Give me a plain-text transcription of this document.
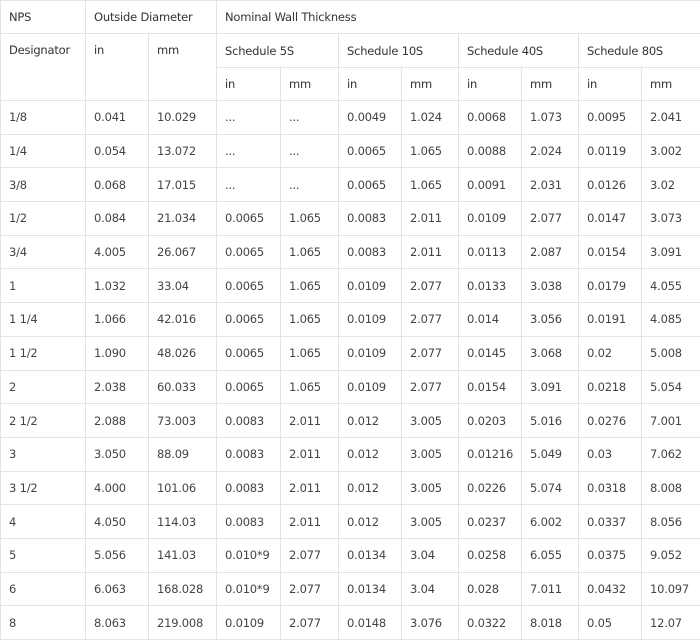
NPS	Outside Diameter		Nominal Wall Thickness							
Designator	in	mm	Schedule 5S		Schedule 10S		Schedule 40S		Schedule 80S	
			in	mm	in	mm	in	mm	in	mm
1/8	0.041	10.029	...	...	0.0049	1.024	0.0068	1.073	0.0095	2.041
1/4	0.054	13.072	...	...	0.0065	1.065	0.0088	2.024	0.0119	3.002
3/8	0.068	17.015	...	...	0.0065	1.065	0.0091	2.031	0.0126	3.02
1/2	0.084	21.034	0.0065	1.065	0.0083	2.011	0.0109	2.077	0.0147	3.073
3/4	4.005	26.067	0.0065	1.065	0.0083	2.011	0.0113	2.087	0.0154	3.091
1	1.032	33.04	0.0065	1.065	0.0109	2.077	0.0133	3.038	0.0179	4.055
1 1/4	1.066	42.016	0.0065	1.065	0.0109	2.077	0.014	3.056	0.0191	4.085
1 1/2	1.090	48.026	0.0065	1.065	0.0109	2.077	0.0145	3.068	0.02	5.008
2	2.038	60.033	0.0065	1.065	0.0109	2.077	0.0154	3.091	0.0218	5.054
2 1/2	2.088	73.003	0.0083	2.011	0.012	3.005	0.0203	5.016	0.0276	7.001
3	3.050	88.09	0.0083	2.011	0.012	3.005	0.01216	5.049	0.03	7.062
3 1/2	4.000	101.06	0.0083	2.011	0.012	3.005	0.0226	5.074	0.0318	8.008
4	4.050	114.03	0.0083	2.011	0.012	3.005	0.0237	6.002	0.0337	8.056
5	5.056	141.03	0.010*9	2.077	0.0134	3.04	0.0258	6.055	0.0375	9.052
6	6.063	168.028	0.010*9	2.077	0.0134	3.04	0.028	7.011	0.0432	10.097
8	8.063	219.008	0.0109	2.077	0.0148	3.076	0.0322	8.018	0.05	12.07
